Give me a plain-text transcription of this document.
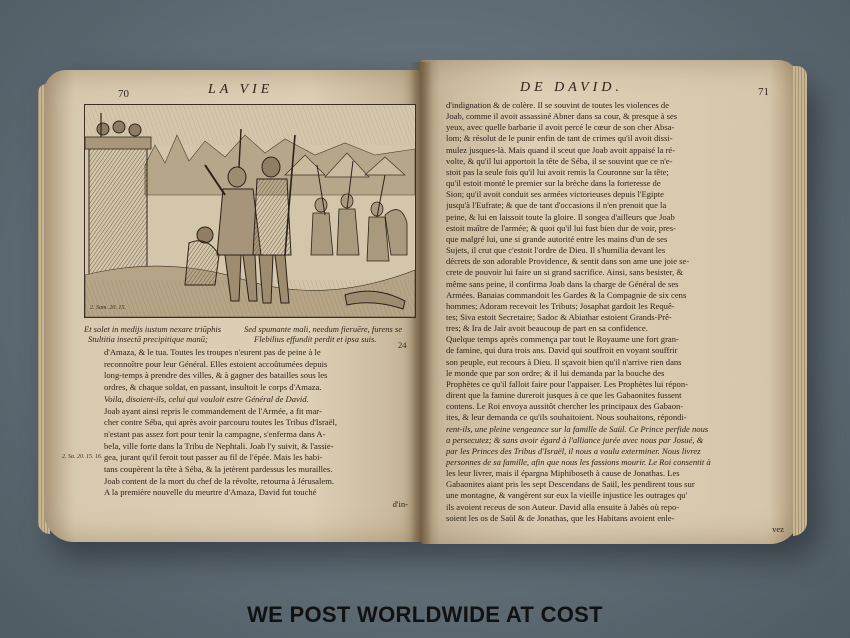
70	LA VIE
2. Sam. 20. 15.
Et solet in medijs iustum nexare triūphis
Stultitia insectā precipitique manū;
Sed spumante mali, needum fieruēre, furens se
Flebilius effundit perdit et ipsa suis.
24
d'Amaza, & le tua. Toutes les troupes n'eurent pas de peine à le
reconnoître pour leur Général. Elles estoient accoûtumées depuis
long-temps à prendre des villes, & à gagner des batailles sous les
ordres, & chaque soldat, en passant, insultoit le corps d'Amaza.
Voila, disoient-ils, celui qui vouloit estre Général de David.
Joab ayant ainsi repris le commandement de l'Armée, a fit mar-
cher contre Séba, qui après avoir parcouru toutes les Tribus d'Israël,
n'estant pas assez fort pour tenir la campagne, s'enferma dans A-
bela, ville forte dans la Tribu de Nephtali. Joab l'y suivit, & l'assie-
gea, jurant qu'il feroit tout passer au fil de l'épée. Mais les habi-
tans coupèrent la tête à Séba, & la jetèrent pardessus les murailles.
Joab content de la mort du chef de la révolte, retourna à Jérusalem.
A la première nouvelle du meurtre d'Amaza, David fut touché
d'in-
2. Sa. 20. 15. 16.
DE DAVID.	71
d'indignation & de colère. Il se souvint de toutes les violences de
Joab, comme il avoit assassiné Abner dans sa cour, & presque à ses
yeux, avec quelle barbarie il avoit percé le cœur de son cher Absa-
lom; & résolut de le punir enfin de tant de crimes qu'il avoit dissi-
mulez jusques-là. Mais quand il sceut que Joab avoit appaisé la ré-
volte, & qu'il lui apportoit la tête de Séba, il se souvint que ce n'e-
stoit pas la seule fois qu'il lui avoit remis la Couronne sur la tête;
qu'il estoit monté le premier sur la brèche dans la forteresse de
Sion; qu'il avoit conduit ses armées victorieuses depuis l'Egipte
jusqu'à l'Eufrate; & que de tant d'occasions il n'en prenoit que la
peine, & lui en laissoit toute la gloire. Il songea d'ailleurs que Joab
estoit maître de l'armée; & quoi qu'il lui fust bien dur de voir, pres-
que malgré lui, une si grande autorité entre les mains d'un de ses
Sujets, il crut que c'estoit l'ordre de Dieu. Il s'humilia devant les
décrets de son adorable Providence, & sentit dans son ame une joie se-
crete de pouvoir lui faire un si grand sacrifice. Ainsi, sans besister, &
même sans peine, il confirma Joab dans la charge de Général de ses
Armées. Banaias commandoit les Gardes & la Compagnie de six cens
hommes; Adoram recevoit les Tributs; Josaphat gardoit les Requê-
tes; Siva estoit Secretaire; Sadoc & Abiathar estoient Grands-Prê-
tres; & Ira de Jaïr avoit beaucoup de part en sa confidence.
Quelque temps après commença par tout le Royaume une fort gran-
de famine, qui dura trois ans. David qui souffroit en voyant souffrir
son peuple, eut recours à Dieu. Il sçavoit bien qu'il n'arrive rien dans
le monde que par son ordre; & il lui demanda par la bouche des
Prophètes ce qu'il falloit faire pour l'appaiser. Les Prophètes lui répon-
dirent que la famine dureroit jusques à ce que les Gabaonites fussent
contens. Le Roi envoya aussitôt chercher les principaux des Gabaon-
ites, & leur demanda ce qu'ils souhaitoient. Nous souhaitons, répondi-
rent-ils, une pleine vengeance sur la famille de Saül. Ce Prince perfide nous
a persecutez; & sans avoir égard à l'alliance jurée avec nous par Josué, &
par les Princes des Tribus d'Israël, il nous a voulu exterminer. Nous livrez
personnes de sa famille, afin que nous les fassions mourir. Le Roi consentit à
les leur livrer, mais il épargna Miphiboseth à cause de Jonathas. Les
Gabaonites aiant pris les sept Descendans de Saül, les pendirent tous sur
une montagne, & vangèrent sur eux la vieille injustice les outrages qu'
ils avoient receus de son Auteur. David alla ensuite à Jabès où repo-
soient les os de Saül & de Jonathas, que les Habitans avoient enle-
vez
WE POST WORLDWIDE AT COST
